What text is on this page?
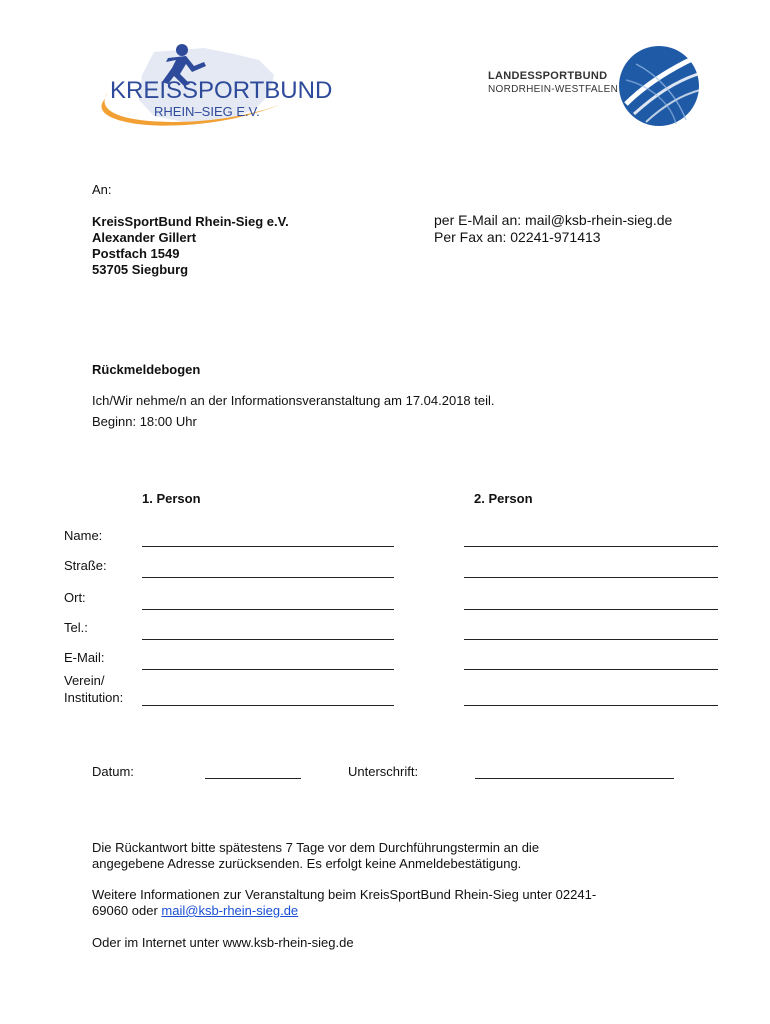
KREISSPORTBUND
RHEIN–SIEG E.V.
LANDESSPORTBUND
NORDRHEIN-WESTFALEN
An:
KreisSportBund Rhein-Sieg e.V.
Alexander Gillert
Postfach 1549
53705 Siegburg
per E-Mail an: mail@ksb-rhein-sieg.de
Per Fax an: 02241-971413
Rückmeldebogen
Ich/Wir nehme/n an der Informationsveranstaltung am 17.04.2018 teil.
Beginn: 18:00 Uhr
1. Person	2. Person
Name:
Straße:
Ort:
Tel.:
E-Mail:
Verein/
Institution:
Datum:	Unterschrift:
Die Rückantwort bitte spätestens 7 Tage vor dem Durchführungstermin an die
angegebene Adresse zurücksenden. Es erfolgt keine Anmeldebestätigung.
Weitere Informationen zur Veranstaltung beim KreisSportBund Rhein-Sieg unter 02241-
69060 oder mail@ksb-rhein-sieg.de
Oder im Internet unter www.ksb-rhein-sieg.de
